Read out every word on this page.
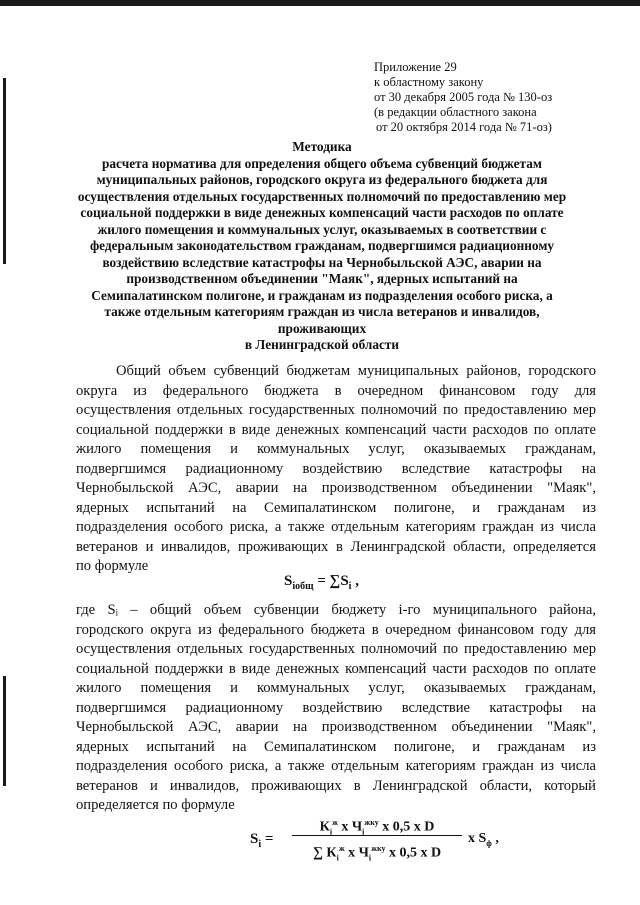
Приложение 29
к областному закону
от 30 декабря 2005 года № 130-оз
(в редакции областного закона
от 20 октября 2014 года № 71-оз)
Методика
расчета норматива для определения общего объема субвенций бюджетам
муниципальных районов, городского округа из федерального бюджета для
осуществления отдельных государственных полномочий по предоставлению мер
социальной поддержки в виде денежных компенсаций части расходов по оплате
жилого помещения и коммунальных услуг, оказываемых в соответствии с
федеральным законодательством гражданам, подвергшимся радиационному
воздействию вследствие катастрофы на Чернобыльской АЭС, аварии на
производственном объединении "Маяк", ядерных испытаний на
Семипалатинском полигоне, и гражданам из подразделения особого риска, а
также отдельным категориям граждан из числа ветеранов и инвалидов,
проживающих
в Ленинградской области
Общий объем субвенций бюджетам муниципальных районов, городского
округа из федерального бюджета в очередном финансовом году для
осуществления отдельных государственных полномочий по предоставлению мер
социальной поддержки в виде денежных компенсаций части расходов по оплате
жилого помещения и коммунальных услуг, оказываемых гражданам,
подвергшимся радиационному воздействию вследствие катастрофы на
Чернобыльской АЭС, аварии на производственном объединении "Маяк",
ядерных испытаний на Семипалатинском полигоне, и гражданам из
подразделения особого риска, а также отдельным категориям граждан из числа
ветеранов и инвалидов, проживающих в Ленинградской области, определяется
по формуле
$S_{iобщ} = \sum S_i$ ,
где Sᵢ – общий объем субвенции бюджету i-го муниципального района,
городского округа из федерального бюджета в очередном финансовом году для
осуществления отдельных государственных полномочий по предоставлению мер
социальной поддержки в виде денежных компенсаций части расходов по оплате
жилого помещения и коммунальных услуг, оказываемых гражданам,
подвергшимся радиационному воздействию вследствие катастрофы на
Чернобыльской АЭС, аварии на производственном объединении "Маяк",
ядерных испытаний на Семипалатинском полигоне, и гражданам из
подразделения особого риска, а также отдельным категориям граждан из числа
ветеранов и инвалидов, проживающих в Ленинградской области, который
определяется по формуле
$S_i$ =
$К_i^ж$ х $Ч_i^{жку}$ х 0,5 х D
∑ $К_i^ж$ х $Ч_i^{жку}$ х 0,5 х D
х $S_ф$ ,
